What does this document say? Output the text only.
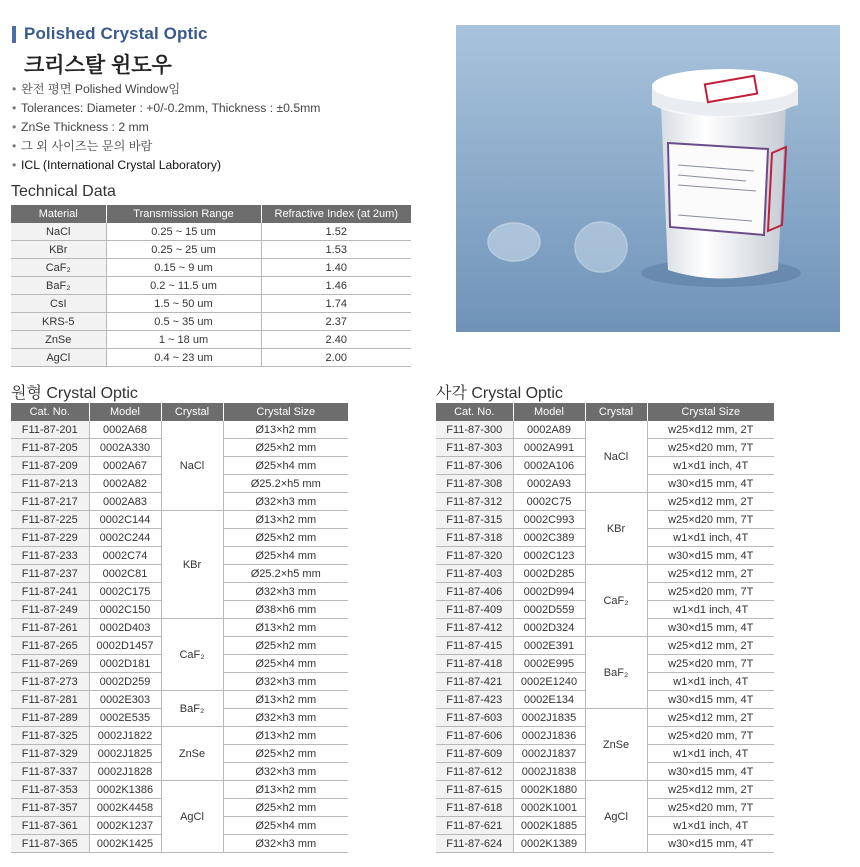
Polished Crystal Optic
크리스탈 윈도우
• 완전 평면 Polished Window임
• Tolerances: Diameter : +0/-0.2mm, Thickness : ±0.5mm
• ZnSe Thickness : 2 mm
• 그 외 사이즈는 문의 바람
• ICL (International Crystal Laboratory)
Technical Data
Material	Transmission Range	Refractive Index (at 2um)
NaCl	0.25 ~ 15 um	1.52
KBr	0.25 ~ 25 um	1.53
CaF₂	0.15 ~ 9 um	1.40
BaF₂	0.2 ~ 11.5 um	1.46
CsI	1.5 ~ 50 um	1.74
KRS-5	0.5 ~ 35 um	2.37
ZnSe	1 ~ 18 um	2.40
AgCl	0.4 ~ 23 um	2.00
원형 Crystal Optic
Cat. No.	Model	Crystal	Crystal Size
F11-87-201	0002A68	NaCl	Ø13×h2 mm
F11-87-205	0002A330		Ø25×h2 mm
F11-87-209	0002A67		Ø25×h4 mm
F11-87-213	0002A82		Ø25.2×h5 mm
F11-87-217	0002A83		Ø32×h3 mm
F11-87-225	0002C144	KBr	Ø13×h2 mm
F11-87-229	0002C244		Ø25×h2 mm
F11-87-233	0002C74		Ø25×h4 mm
F11-87-237	0002C81		Ø25.2×h5 mm
F11-87-241	0002C175		Ø32×h3 mm
F11-87-249	0002C150		Ø38×h6 mm
F11-87-261	0002D403	CaF₂	Ø13×h2 mm
F11-87-265	0002D1457		Ø25×h2 mm
F11-87-269	0002D181		Ø25×h4 mm
F11-87-273	0002D259		Ø32×h3 mm
F11-87-281	0002E303	BaF₂	Ø13×h2 mm
F11-87-289	0002E535		Ø32×h3 mm
F11-87-325	0002J1822	ZnSe	Ø13×h2 mm
F11-87-329	0002J1825		Ø25×h2 mm
F11-87-337	0002J1828		Ø32×h3 mm
F11-87-353	0002K1386	AgCl	Ø13×h2 mm
F11-87-357	0002K4458		Ø25×h2 mm
F11-87-361	0002K1237		Ø25×h4 mm
F11-87-365	0002K1425		Ø32×h3 mm
사각 Crystal Optic
Cat. No.	Model	Crystal	Crystal Size
F11-87-300	0002A89	NaCl	w25×d12 mm, 2T
F11-87-303	0002A991		w25×d20 mm, 7T
F11-87-306	0002A106		w1×d1 inch, 4T
F11-87-308	0002A93		w30×d15 mm, 4T
F11-87-312	0002C75	KBr	w25×d12 mm, 2T
F11-87-315	0002C993		w25×d20 mm, 7T
F11-87-318	0002C389		w1×d1 inch, 4T
F11-87-320	0002C123		w30×d15 mm, 4T
F11-87-403	0002D285	CaF₂	w25×d12 mm, 2T
F11-87-406	0002D994		w25×d20 mm, 7T
F11-87-409	0002D559		w1×d1 inch, 4T
F11-87-412	0002D324		w30×d15 mm, 4T
F11-87-415	0002E391	BaF₂	w25×d12 mm, 2T
F11-87-418	0002E995		w25×d20 mm, 7T
F11-87-421	0002E1240		w1×d1 inch, 4T
F11-87-423	0002E134		w30×d15 mm, 4T
F11-87-603	0002J1835	ZnSe	w25×d12 mm, 2T
F11-87-606	0002J1836		w25×d20 mm, 7T
F11-87-609	0002J1837		w1×d1 inch, 4T
F11-87-612	0002J1838		w30×d15 mm, 4T
F11-87-615	0002K1880	AgCl	w25×d12 mm, 2T
F11-87-618	0002K1001		w25×d20 mm, 7T
F11-87-621	0002K1885		w1×d1 inch, 4T
F11-87-624	0002K1389		w30×d15 mm, 4T
